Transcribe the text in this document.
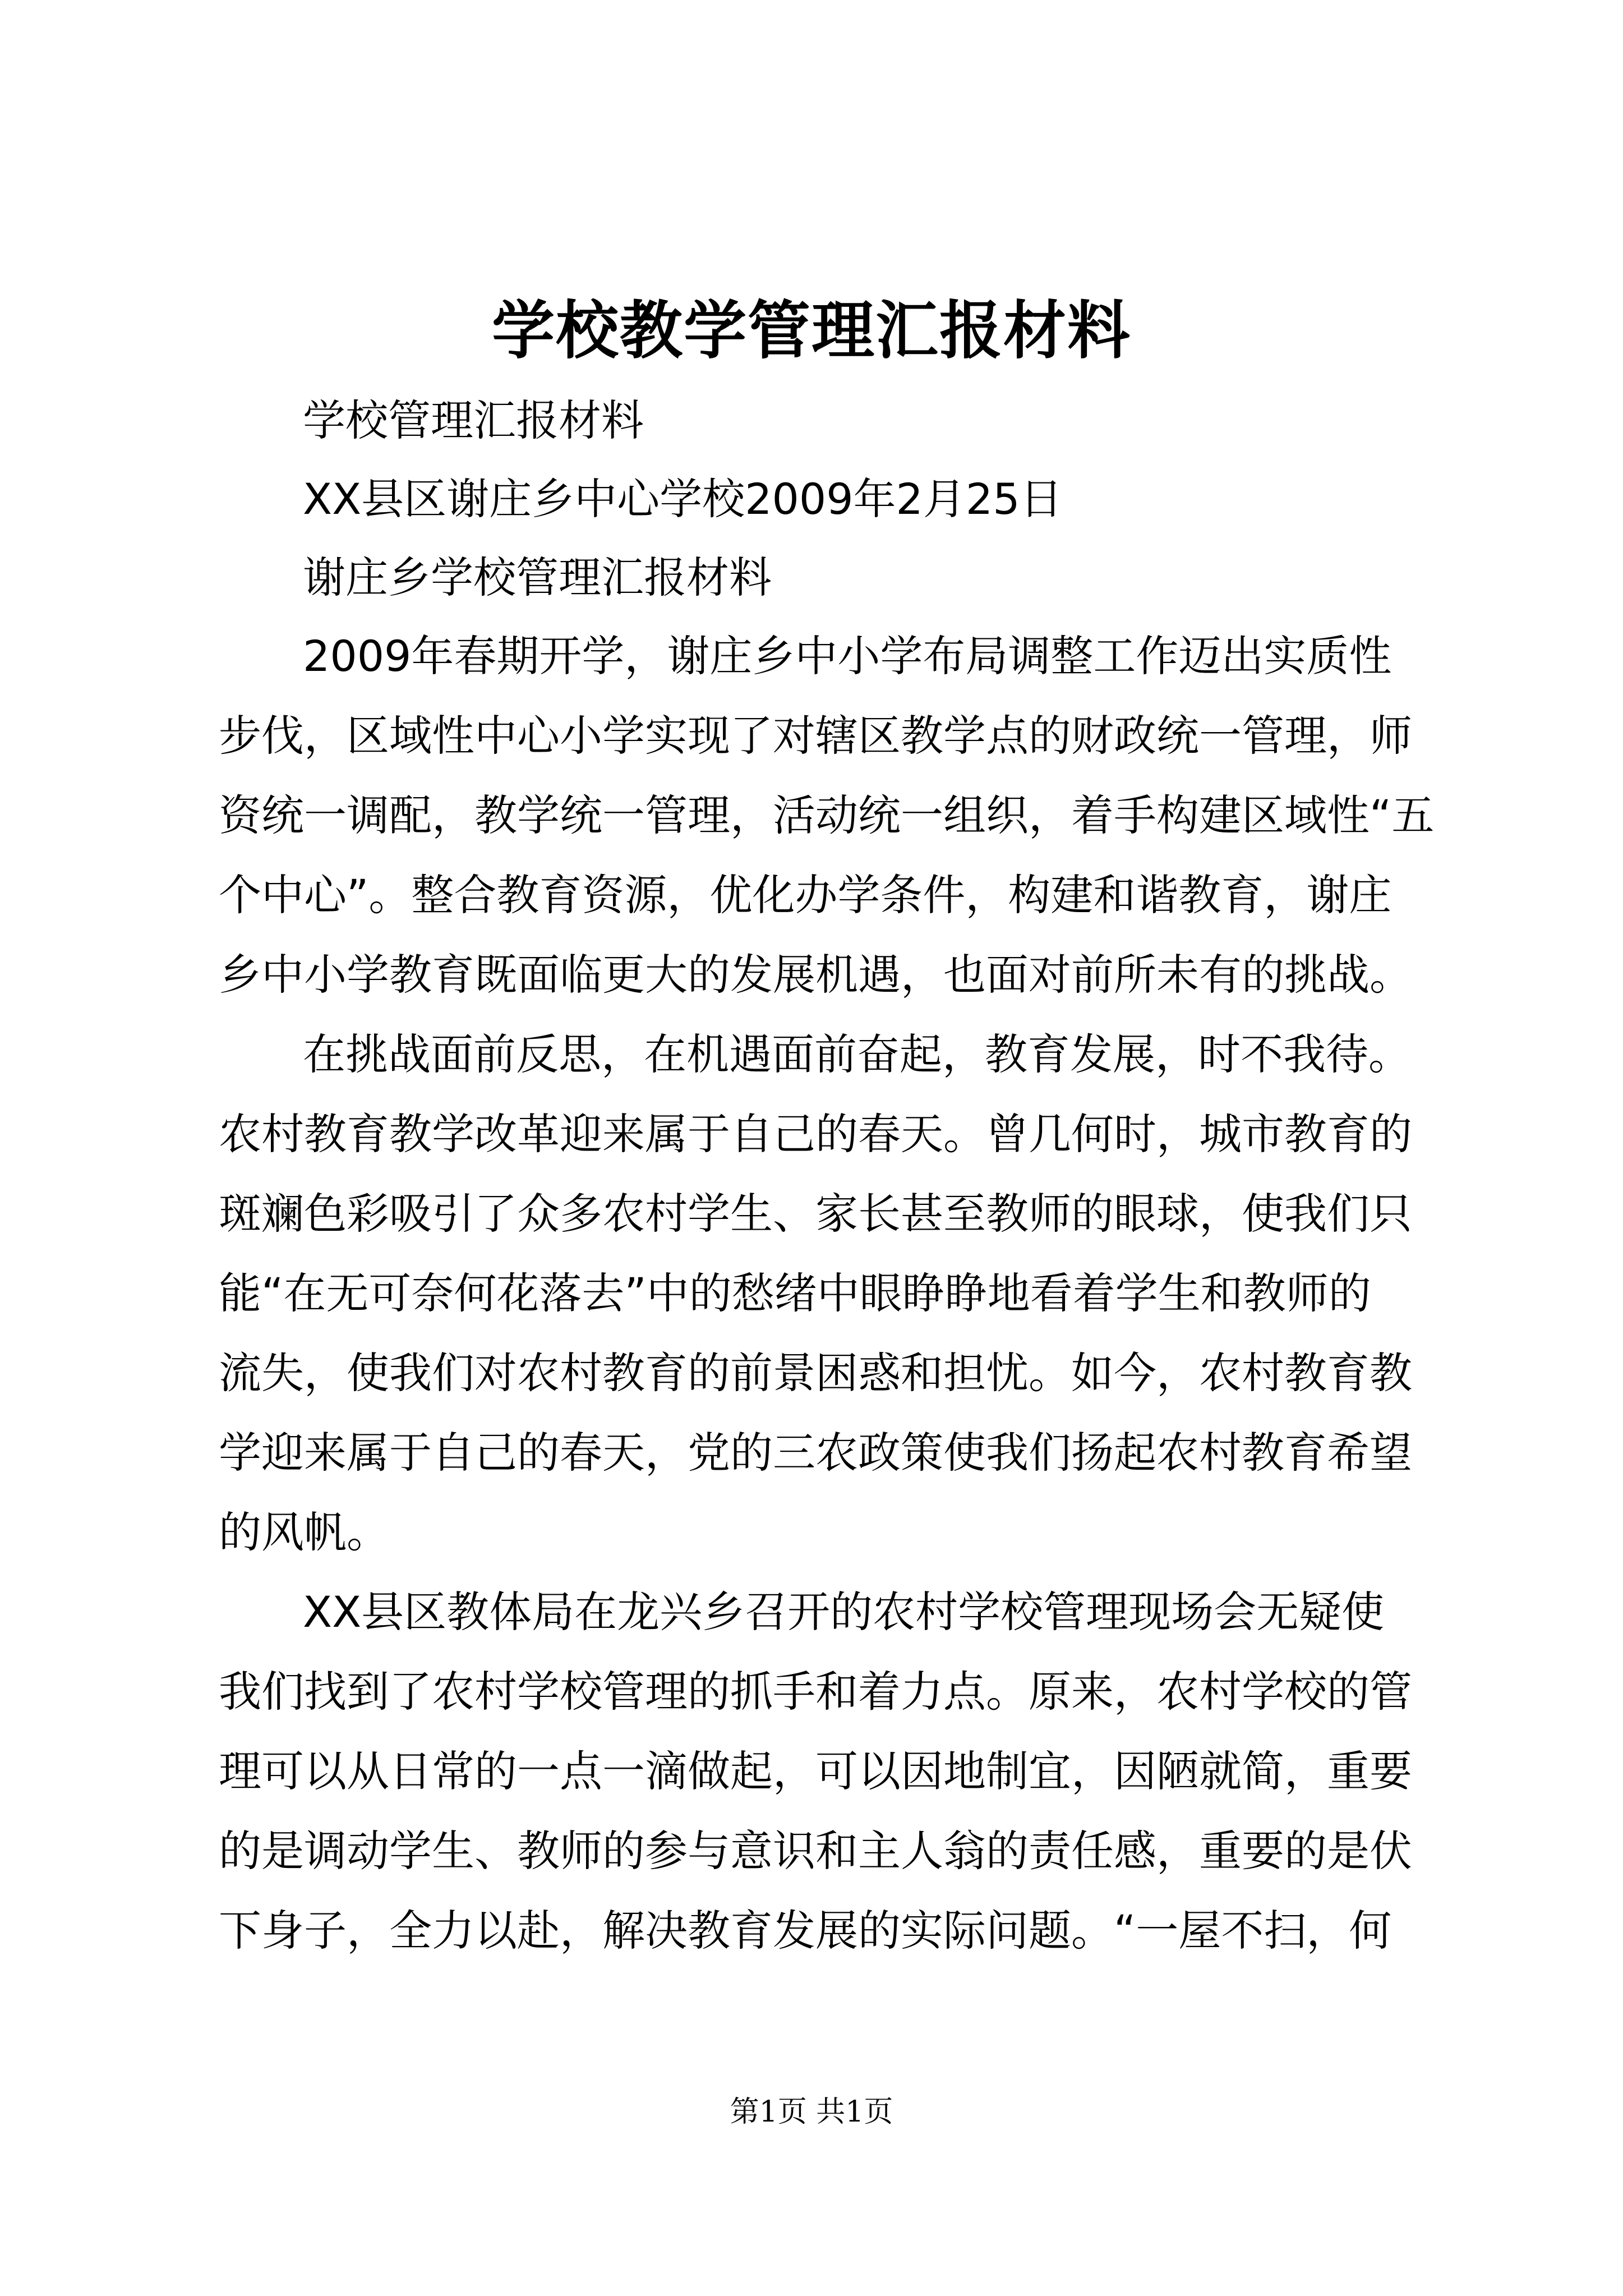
学校教学管理汇报材料

学校管理汇报材料

XX县区谢庄乡中心学校2009年2月25日

谢庄乡学校管理汇报材料

2009年春期开学，谢庄乡中小学布局调整工作迈出实质性

步伐，区域性中心小学实现了对辖区教学点的财政统一管理，师

资统一调配，教学统一管理，活动统一组织，着手构建区域性“五

个中心”。整合教育资源，优化办学条件，构建和谐教育，谢庄

乡中小学教育既面临更大的发展机遇，也面对前所未有的挑战。

在挑战面前反思，在机遇面前奋起，教育发展，时不我待。

农村教育教学改革迎来属于自己的春天。曾几何时，城市教育的

斑斓色彩吸引了众多农村学生、家长甚至教师的眼球，使我们只

能“在无可奈何花落去”中的愁绪中眼睁睁地看着学生和教师的

流失，使我们对农村教育的前景困惑和担忧。如今，农村教育教

学迎来属于自己的春天，党的三农政策使我们扬起农村教育希望

的风帆。

XX县区教体局在龙兴乡召开的农村学校管理现场会无疑使

我们找到了农村学校管理的抓手和着力点。原来，农村学校的管

理可以从日常的一点一滴做起，可以因地制宜，因陋就简，重要

的是调动学生、教师的参与意识和主人翁的责任感，重要的是伏

下身子，全力以赴，解决教育发展的实际问题。“一屋不扫，何

第1页 共1页
